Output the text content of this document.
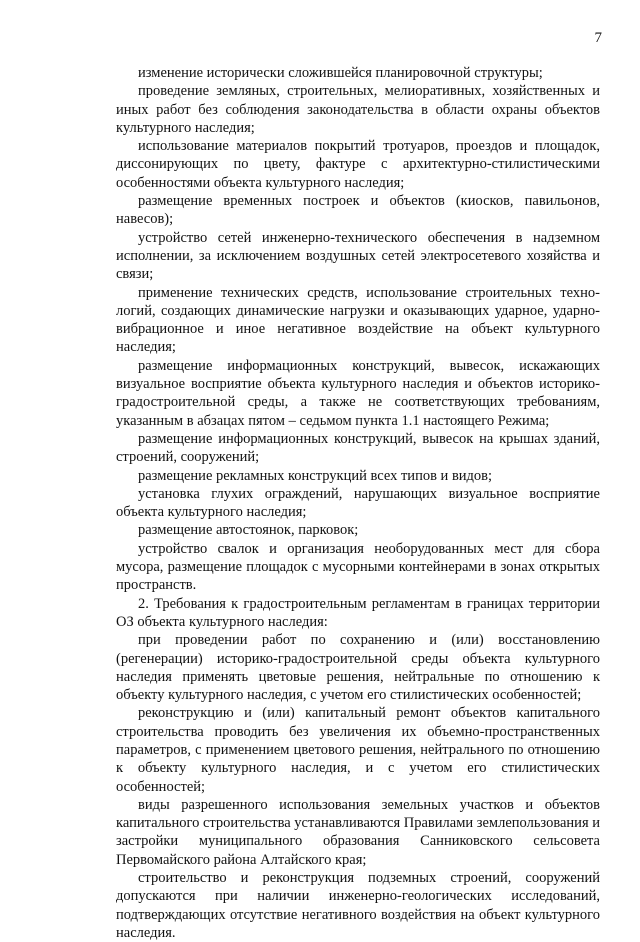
7

изменение исторически сложившейся планировочной структуры;

проведение земляных, строительных, мелиоративных, хозяйственных и иных работ без соблюдения законодательства в области охраны объектов культурного наследия;

использование материалов покрытий тротуаров, проездов и площадок, диссонирующих по цвету, фактуре с архитектурно-стилистическими особенностями объекта культурного наследия;

размещение временных построек и объектов (киосков, павильонов, навесов);

устройство сетей инженерно-технического обеспечения в надземном исполнении, за исключением воздушных сетей электросетевого хозяйства и связи;

применение технических средств, использование строительных технологий, создающих динамические нагрузки и оказывающих ударное, ударно-вибрационное и иное негативное воздействие на объект культурного наследия;

размещение информационных конструкций, вывесок, искажающих визуальное восприятие объекта культурного наследия и объектов историко-градостроительной среды, а также не соответствующих требованиям, указанным в абзацах пятом – седьмом пункта 1.1 настоящего Режима;

размещение информационных конструкций, вывесок на крышах зданий, строений, сооружений;

размещение рекламных конструкций всех типов и видов;

установка глухих ограждений, нарушающих визуальное восприятие объекта культурного наследия;

размещение автостоянок, парковок;

устройство свалок и организация необорудованных мест для сбора мусора, размещение площадок с мусорными контейнерами в зонах открытых пространств.

2. Требования к градостроительным регламентам в границах территории ОЗ объекта культурного наследия:

при проведении работ по сохранению и (или) восстановлению (регенерации) историко-градостроительной среды объекта культурного наследия применять цветовые решения, нейтральные по отношению к объекту культурного наследия, с учетом его стилистических особенностей;

реконструкцию и (или) капитальный ремонт объектов капитального строительства проводить без увеличения их объемно-пространственных параметров, с применением цветового решения, нейтрального по отношению к объекту культурного наследия, и с учетом его стилистических особенностей;

виды разрешенного использования земельных участков и объектов капитального строительства устанавливаются Правилами землепользования и застройки муниципального образования Санниковского сельсовета Первомайского района Алтайского края;

строительство и реконструкция подземных строений, сооружений допускаются при наличии инженерно-геологических исследований, подтверждающих отсутствие негативного воздействия на объект культурного наследия.
